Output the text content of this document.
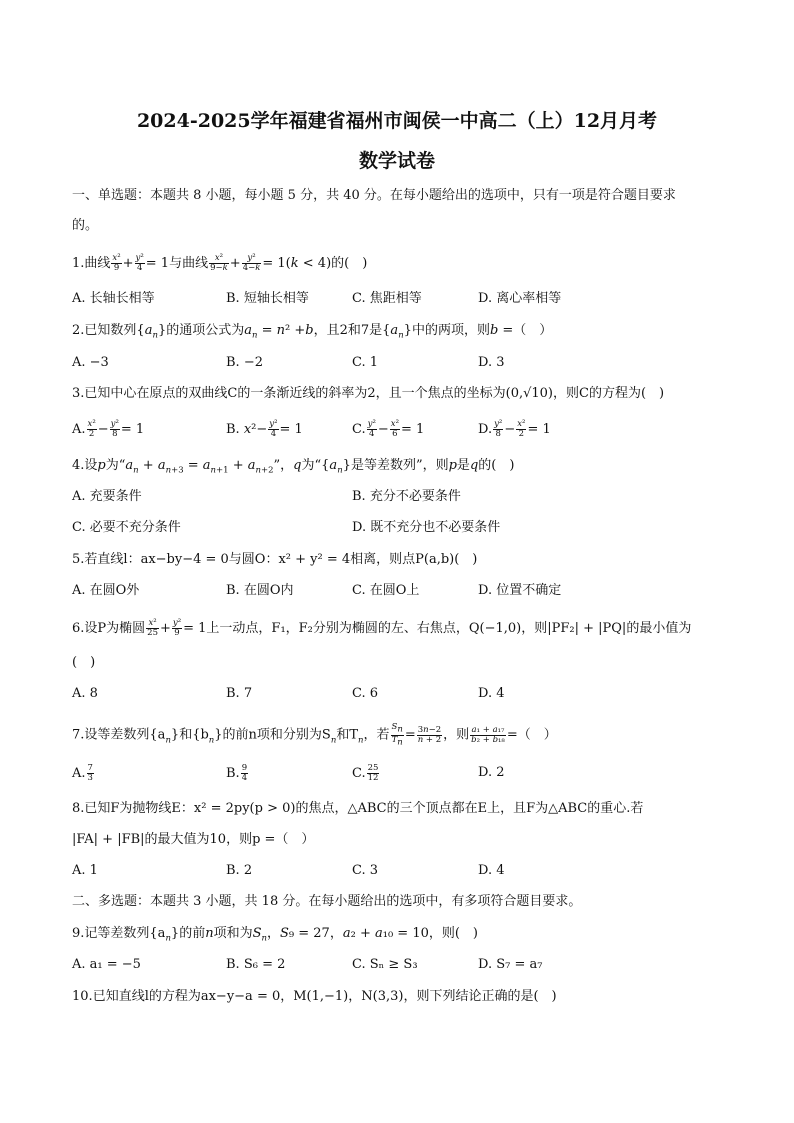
2024-2025学年福建省福州市闽侯一中高二（上）12月月考
数学试卷
一、单选题：本题共 8 小题，每小题 5 分，共 40 分。在每小题给出的选项中，只有一项是符合题目要求
的。
1.曲线 $\frac{\text{x²}}{9} + \frac{\text{y²}}{4} = 1$与曲线 $\frac{\text{x²}}{9-k} + \frac{\text{y²}}{4-k} = 1(k < 4)$的(　)
A. 长轴长相等	B. 短轴长相等	C. 焦距相等	D. 离心率相等
2.已知数列$\{a_n\}$的通项公式为$a_n = n^2 +b$，且2和7是$\{a_n\}$中的两项，则b =（　）
A. −3	B. −2	C. 1	D. 3
3.已知中心在原点的双曲线C的一条渐近线的斜率为2，且一个焦点的坐标为(0,√10)，则C的方程为(　)
A. $\frac{\text{x²}}{2} - \frac{\text{y²}}{8} = 1$	B. $x^2- \frac{\text{y²}}{4} = 1$	C. $\frac{\text{y²}}{4} - \frac{\text{x²}}{6} = 1$	D. $\frac{\text{y²}}{8} - \frac{\text{x²}}{2} = 1$
4.设p为“$a_n + a_{n+3} = a_{n+1} + a_{n+2}$”，q为“$\{a_n\}$是等差数列”，则p是q的(　)
A. 充要条件	B. 充分不必要条件
C. 必要不充分条件	D. 既不充分也不必要条件
5.若直线l：ax−by−4 = 0与圆O：x² + y² = 4相离，则点P(a,b)(　)
A. 在圆O外	B. 在圆O内	C. 在圆O上	D. 位置不确定
6.设P为椭圆 $\frac{\text{x²}}{25} + \frac{\text{y²}}{9} = 1$上一动点，F₁，F₂分别为椭圆的左、右焦点，Q(−1,0)，则|PF₂| + |PQ|的最小值为
(　)
A. 8	B. 7	C. 6	D. 4
7.设等差数列$\{a_n\}$和$\{b_n\}$的前n项和分别为$S_n$和$T_n$，若 $\frac{S_n}{T_n} = \frac{3n-2}{n + 2}$ ，则 $\frac{\text{a₁ + a₁₇}}{\text{b₂ + b₁₈}}$ =（　）
A. $\frac{7}{3}$	B. $\frac{9}{4}$	C. $\frac{25}{12}$	D. 2
8.已知F为抛物线E：x² = 2py(p > 0)的焦点，△ABC的三个顶点都在E上，且F为△ABC的重心.若
|FA| + |FB|的最大值为10，则p =（　）
A. 1	B. 2	C. 3	D. 4
二、多选题：本题共 3 小题，共 18 分。在每小题给出的选项中，有多项符合题目要求。
9.记等差数列$\{a_n\}$的前n项和为$S_n$，S₉ = 27，a₂ + a₁₀ = 10，则(　)
A. a₁ = −5	B. S₆ = 2	C. Sₙ ≥ S₃	D. S₇ = a₇
10.已知直线l的方程为ax−y−a = 0，M(1,−1)，N(3,3)，则下列结论正确的是(　)
